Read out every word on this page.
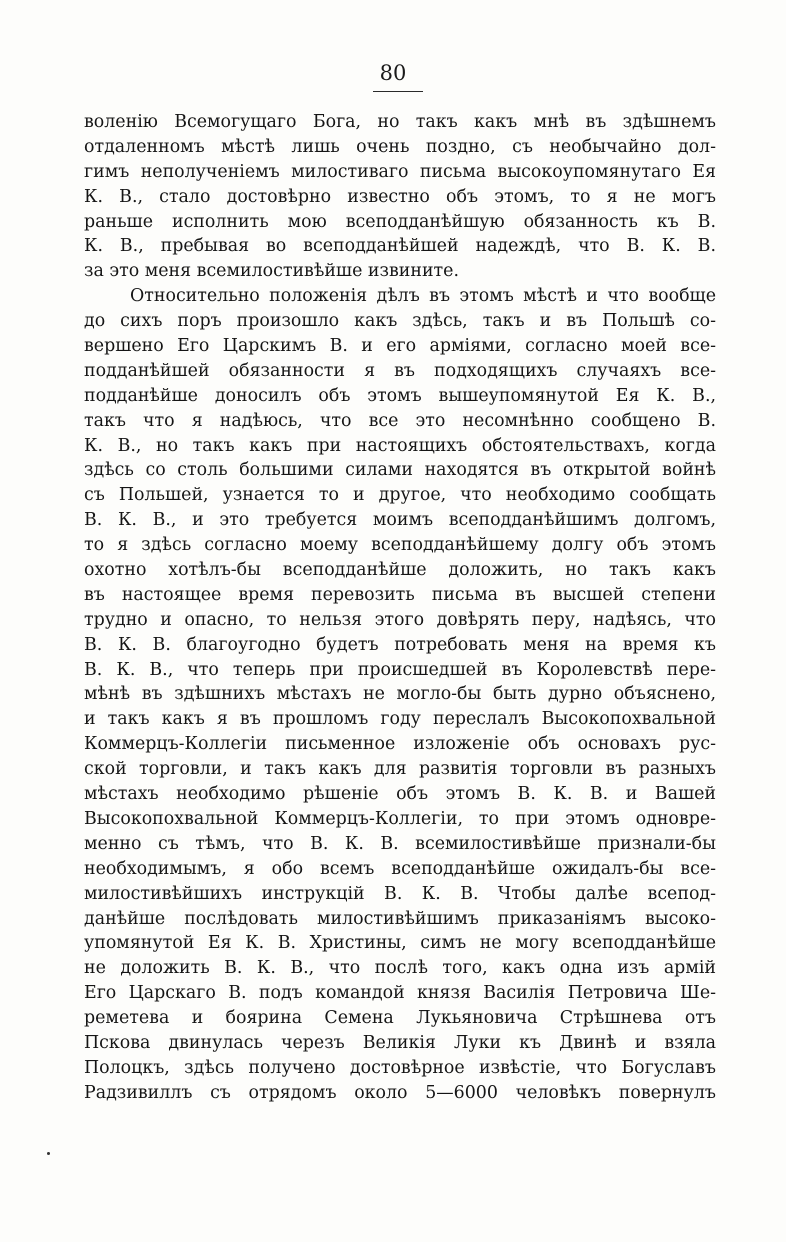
80
воленію Всемогущаго Бога, но такъ какъ мнѣ въ здѣшнемъ
отдаленномъ мѣстѣ лишь очень поздно, съ необычайно дол-
гимъ неполученіемъ милостиваго письма высокоупомянутаго Ея
К. В., стало достовѣрно известно объ этомъ, то я не могъ
раньше исполнить мою всеподданѣйшую обязанность къ В.
К. В., пребывая во всеподданѣйшей надеждѣ, что В. К. В.
за это меня всемилостивѣйше извините.
Относительно положенія дѣлъ въ этомъ мѣстѣ и что вообще
до сихъ поръ произошло какъ здѣсь, такъ и въ Польшѣ со-
вершено Его Царскимъ В. и его арміями, согласно моей все-
подданѣйшей обязанности я въ подходящихъ случаяхъ все-
подданѣйше доносилъ объ этомъ вышеупомянутой Ея К. В.,
такъ что я надѣюсь, что все это несомнѣнно сообщено В.
К. В., но такъ какъ при настоящихъ обстоятельствахъ, когда
здѣсь со столь большими силами находятся въ открытой войнѣ
съ Польшей, узнается то и другое, что необходимо сообщать
В. К. В., и это требуется моимъ всеподданѣйшимъ долгомъ,
то я здѣсь согласно моему всеподданѣйшему долгу объ этомъ
охотно хотѣлъ-бы всеподданѣйше доложить, но такъ какъ
въ настоящее время перевозить письма въ высшей степени
трудно и опасно, то нельзя этого довѣрять перу, надѣясь, что
В. К. В. благоугодно будетъ потребовать меня на время къ
В. К. В., что теперь при происшедшей въ Королевствѣ пере-
мѣнѣ въ здѣшнихъ мѣстахъ не могло-бы быть дурно объяснено,
и такъ какъ я въ прошломъ году переслалъ Высокопохвальной
Коммерцъ-Коллегіи письменное изложеніе объ основахъ рус-
ской торговли, и такъ какъ для развитія торговли въ разныхъ
мѣстахъ необходимо рѣшеніе объ этомъ В. К. В. и Вашей
Высокопохвальной Коммерцъ-Коллегіи, то при этомъ одновре-
менно съ тѣмъ, что В. К. В. всемилостивѣйше признали-бы
необходимымъ, я обо всемъ всеподданѣйше ожидалъ-бы все-
милостивѣйшихъ инструкцій В. К. В. Чтобы далѣе всепод-
данѣйше послѣдовать милостивѣйшимъ приказаніямъ высоко-
упомянутой Ея К. В. Христины, симъ не могу всеподданѣйше
не доложить В. К. В., что послѣ того, какъ одна изъ армій
Его Царскаго В. подъ командой князя Василія Петровича Ше-
реметева и боярина Семена Лукьяновича Стрѣшнева отъ
Пскова двинулась черезъ Великія Луки къ Двинѣ и взяла
Полоцкъ, здѣсь получено достовѣрное извѣстіе, что Богуславъ
Радзивиллъ съ отрядомъ около 5—6000 человѣкъ повернулъ
